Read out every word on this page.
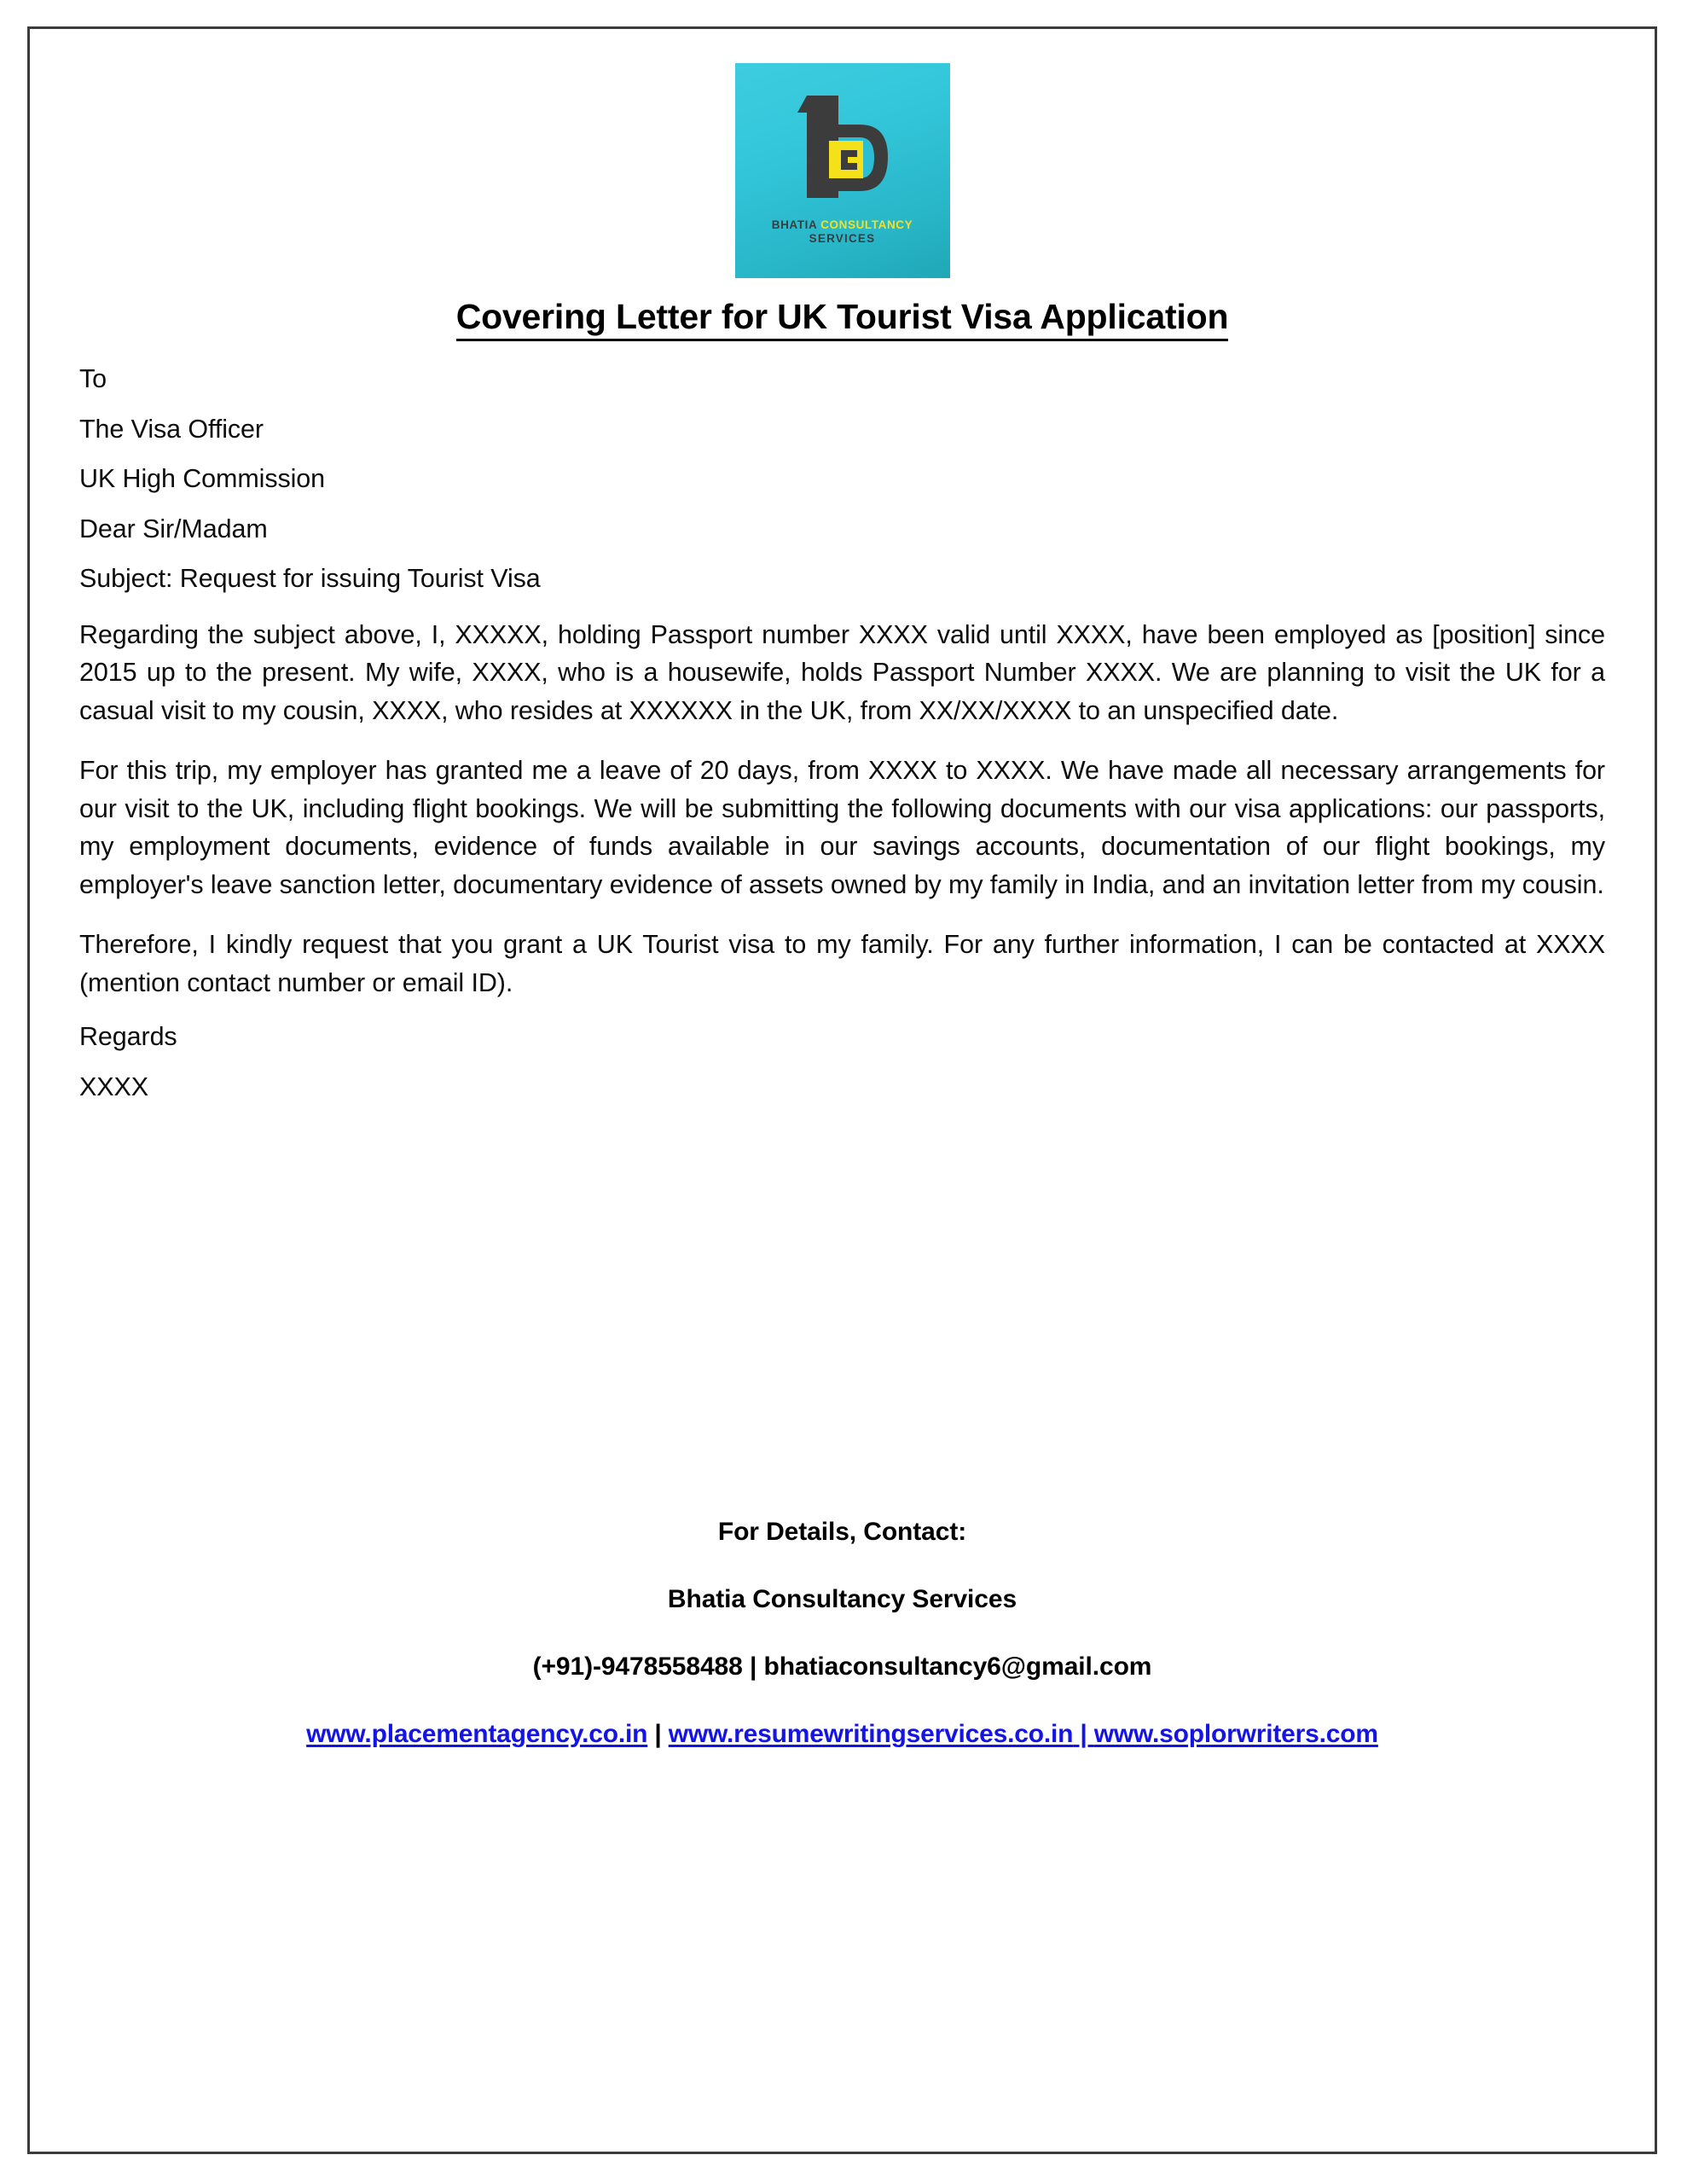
BHATIA CONSULTANCY
SERVICES
Covering Letter for UK Tourist Visa Application

To

The Visa Officer

UK High Commission

Dear Sir/Madam

Subject: Request for issuing Tourist Visa

Regarding the subject above, I, XXXXX, holding Passport number XXXX valid until XXXX, have been employed as [position] since 2015 up to the present. My wife, XXXX, who is a housewife, holds Passport Number XXXX. We are planning to visit the UK for a casual visit to my cousin, XXXX, who resides at XXXXXX in the UK, from XX/XX/XXXX to an unspecified date.

For this trip, my employer has granted me a leave of 20 days, from XXXX to XXXX. We have made all necessary arrangements for our visit to the UK, including flight bookings. We will be submitting the following documents with our visa applications: our passports, my employment documents, evidence of funds available in our savings accounts, documentation of our flight bookings, my employer's leave sanction letter, documentary evidence of assets owned by my family in India, and an invitation letter from my cousin.

Therefore, I kindly request that you grant a UK Tourist visa to my family. For any further information, I can be contacted at XXXX (mention contact number or email ID).

Regards

XXXX

For Details, Contact:

Bhatia Consultancy Services

(+91)-9478558488 | bhatiaconsultancy6@gmail.com

www.placementagency.co.in | www.resumewritingservices.co.in | www.soplorwriters.com
